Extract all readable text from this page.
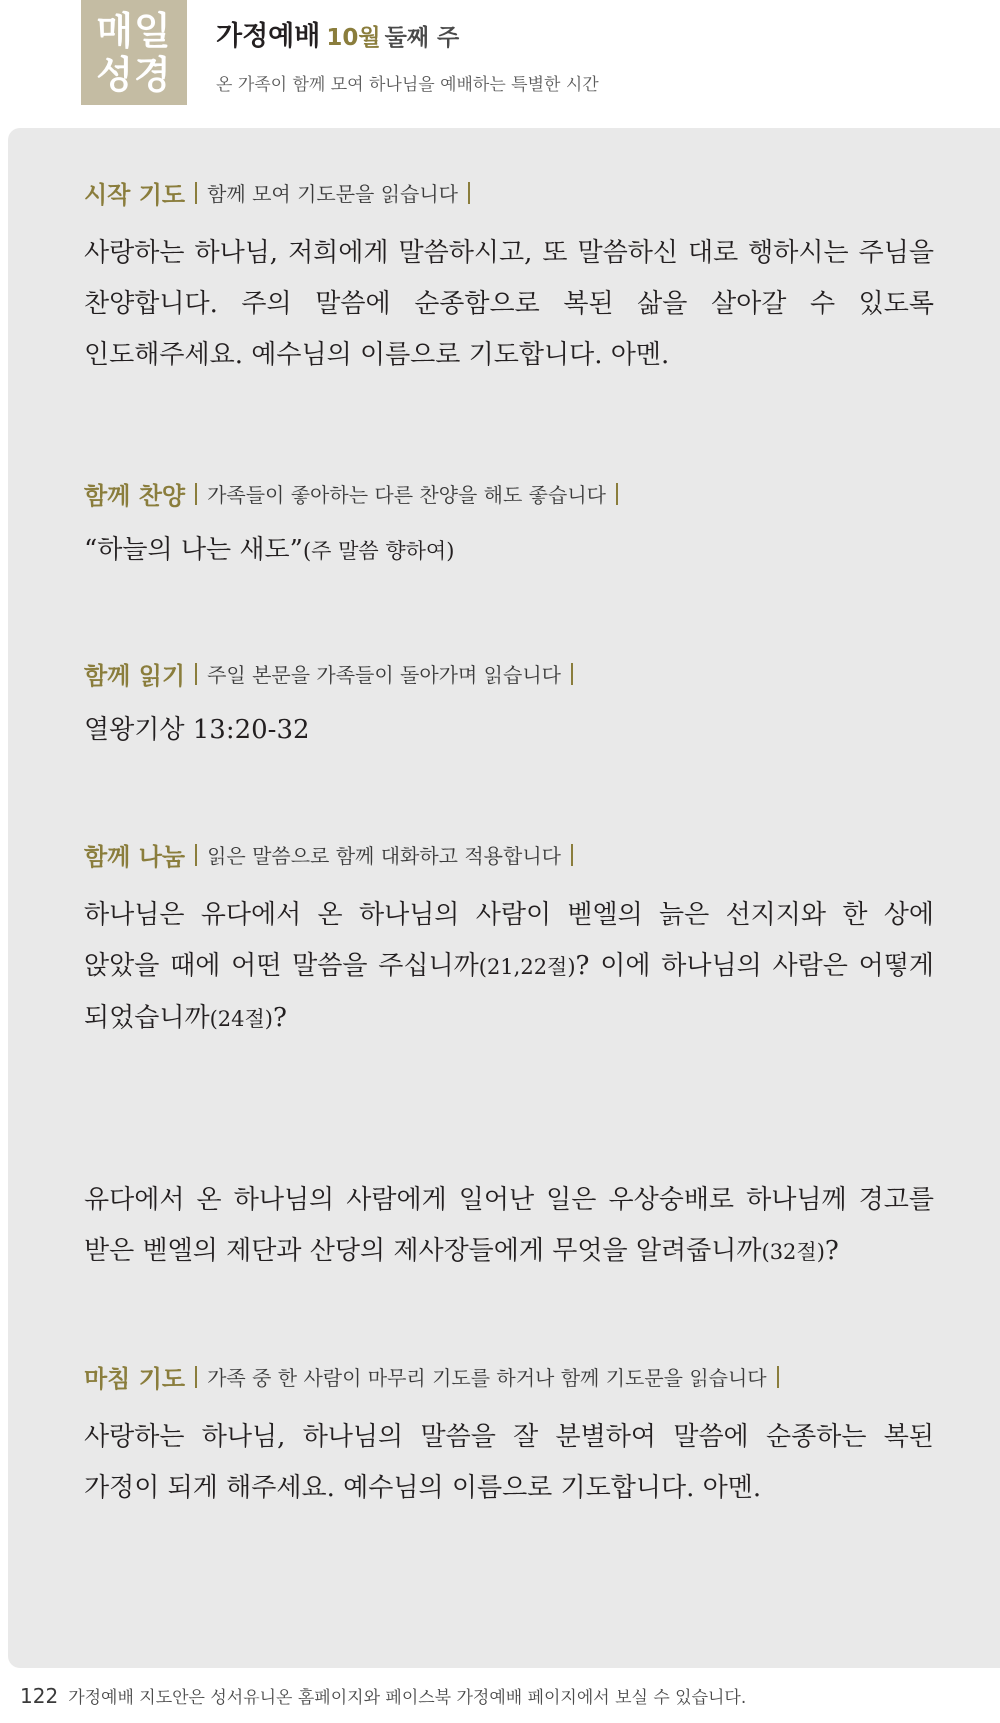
매일
성경
가정예배 10월 둘째 주
온 가족이 함께 모여 하나님을 예배하는 특별한 시간
시작 기도 함께 모여 기도문을 읽습니다
사랑하는 하나님, 저희에게 말씀하시고, 또 말씀하신 대로 행하시는 주님을 찬양합니다. 주의 말씀에 순종함으로 복된 삶을 살아갈 수 있도록 인도해주세요. 예수님의 이름으로 기도합니다. 아멘.
함께 찬양 가족들이 좋아하는 다른 찬양을 해도 좋습니다
“하늘의 나는 새도”(주 말씀 향하여)
함께 읽기 주일 본문을 가족들이 돌아가며 읽습니다
열왕기상 13:20-32
함께 나눔 읽은 말씀으로 함께 대화하고 적용합니다
하나님은 유다에서 온 하나님의 사람이 벧엘의 늙은 선지지와 한 상에 앉았을 때에 어떤 말씀을 주십니까(21,22절)? 이에 하나님의 사람은 어떻게 되었습니까(24절)?
유다에서 온 하나님의 사람에게 일어난 일은 우상숭배로 하나님께 경고를 받은 벧엘의 제단과 산당의 제사장들에게 무엇을 알려줍니까(32절)?
마침 기도 가족 중 한 사람이 마무리 기도를 하거나 함께 기도문을 읽습니다
사랑하는 하나님, 하나님의 말씀을 잘 분별하여 말씀에 순종하는 복된 가정이 되게 해주세요. 예수님의 이름으로 기도합니다. 아멘.
122 가정예배 지도안은 성서유니온 홈페이지와 페이스북 가정예배 페이지에서 보실 수 있습니다.
